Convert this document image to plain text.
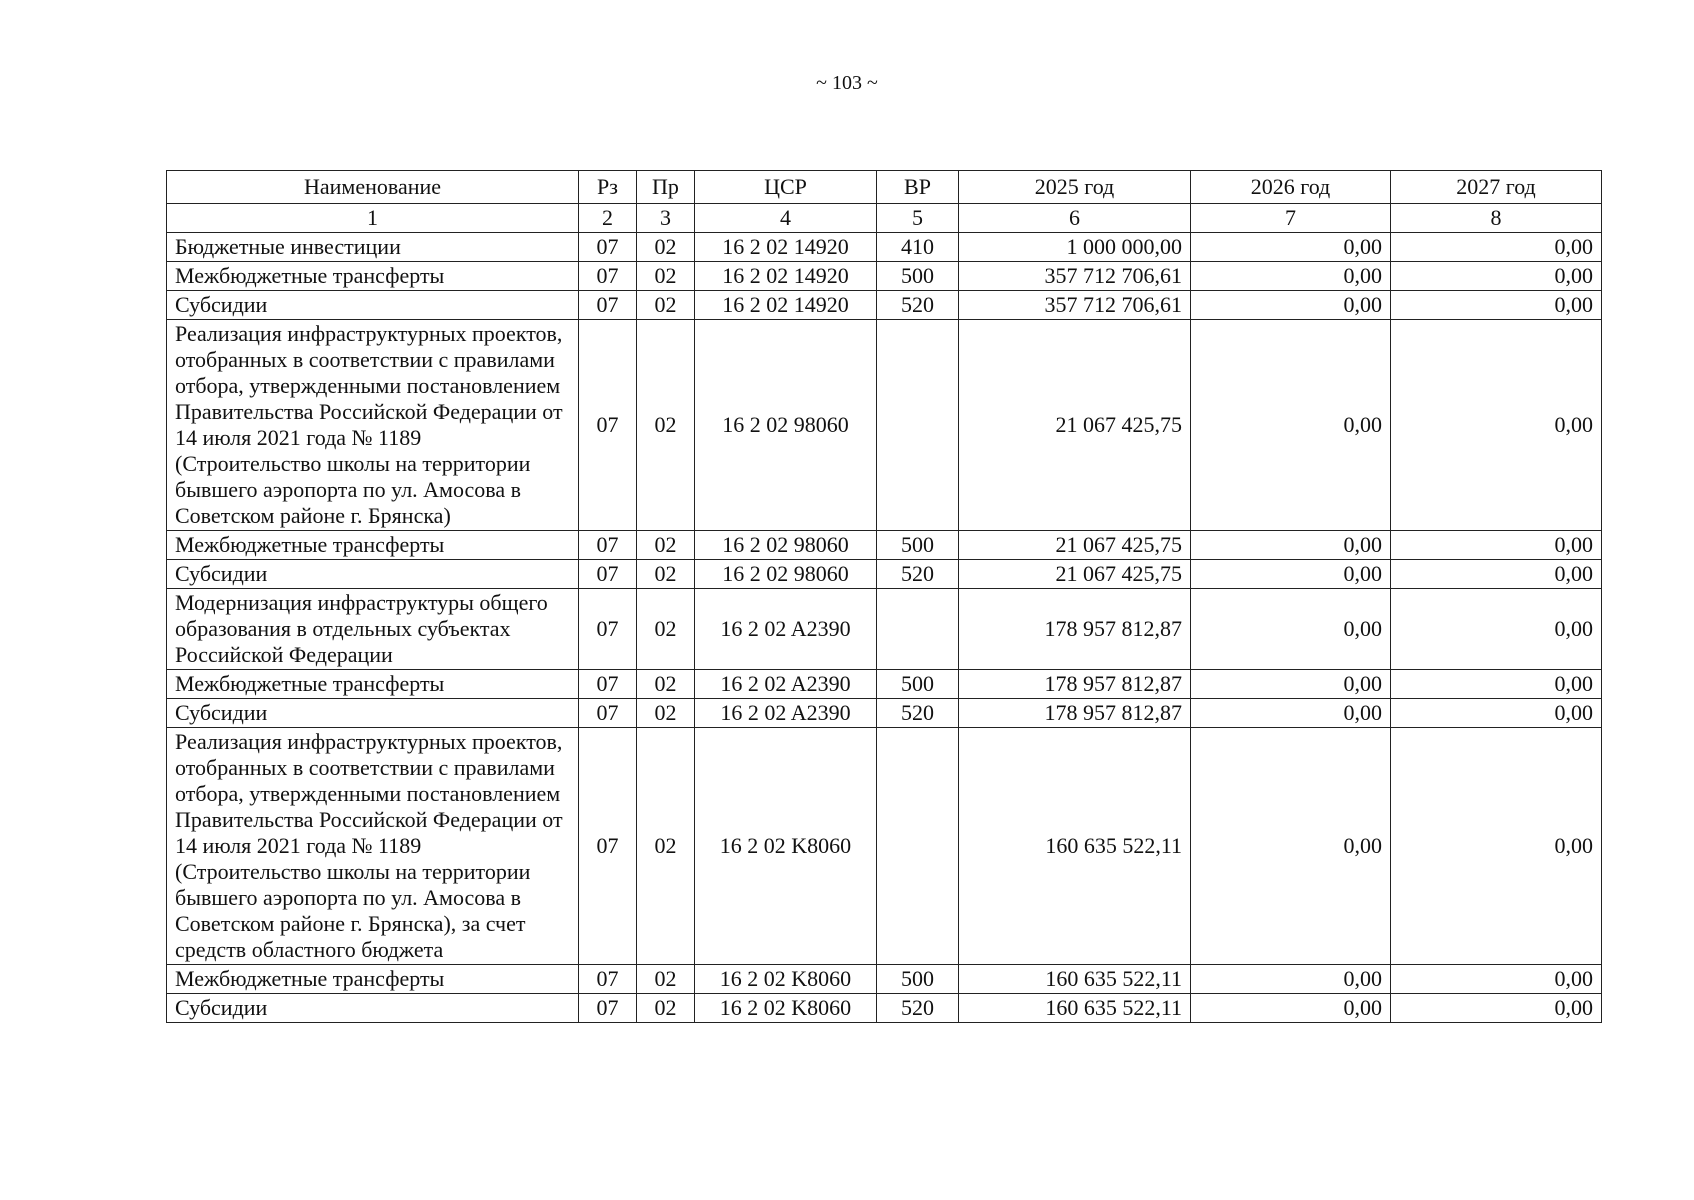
~ 103 ~
Наименование	Рз	Пр	ЦСР	ВР	2025 год	2026 год	2027 год
1	2	3	4	5	6	7	8
Бюджетные инвестиции	07	02	16 2 02 14920	410	1 000 000,00	0,00	0,00
Межбюджетные трансферты	07	02	16 2 02 14920	500	357 712 706,61	0,00	0,00
Субсидии	07	02	16 2 02 14920	520	357 712 706,61	0,00	0,00
Реализация инфраструктурных проектов, отобранных в соответствии с правилами отбора, утвержденными постановлением Правительства Российской Федерации от 14 июля 2021 года № 1189 (Строительство школы на территории бывшего аэропорта по ул. Амосова в Советском районе г. Брянска)	07	02	16 2 02 98060		21 067 425,75	0,00	0,00
Межбюджетные трансферты	07	02	16 2 02 98060	500	21 067 425,75	0,00	0,00
Субсидии	07	02	16 2 02 98060	520	21 067 425,75	0,00	0,00
Модернизация инфраструктуры общего образования в отдельных субъектах Российской Федерации	07	02	16 2 02 A2390		178 957 812,87	0,00	0,00
Межбюджетные трансферты	07	02	16 2 02 A2390	500	178 957 812,87	0,00	0,00
Субсидии	07	02	16 2 02 A2390	520	178 957 812,87	0,00	0,00
Реализация инфраструктурных проектов, отобранных в соответствии с правилами отбора, утвержденными постановлением Правительства Российской Федерации от 14 июля 2021 года № 1189 (Строительство школы на территории бывшего аэропорта по ул. Амосова в Советском районе г. Брянска), за счет средств областного бюджета	07	02	16 2 02 K8060		160 635 522,11	0,00	0,00
Межбюджетные трансферты	07	02	16 2 02 K8060	500	160 635 522,11	0,00	0,00
Субсидии	07	02	16 2 02 K8060	520	160 635 522,11	0,00	0,00
